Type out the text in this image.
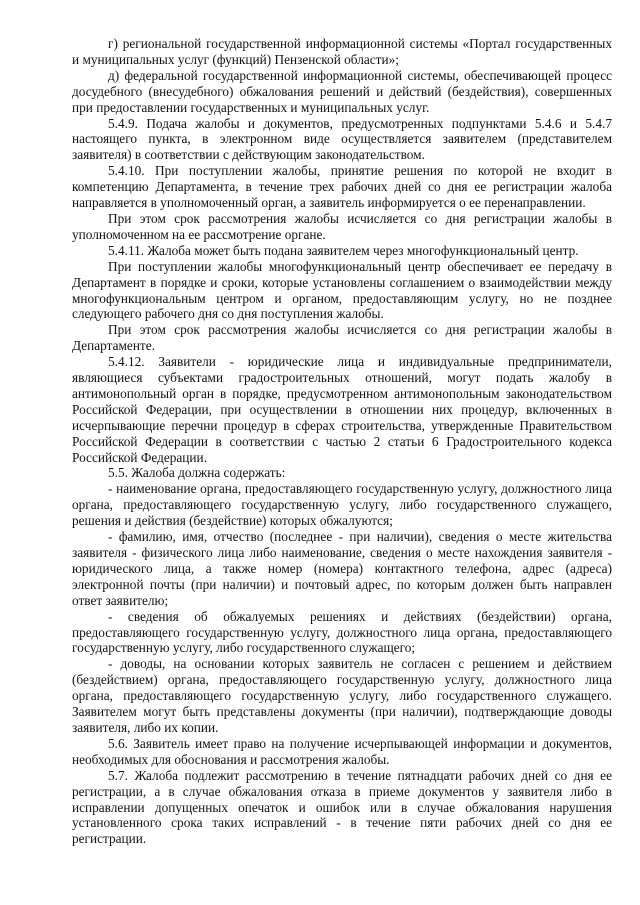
г) региональной государственной информационной системы «Портал государственных и муниципальных услуг (функций) Пензенской области»;

д) федеральной государственной информационной системы, обеспечивающей процесс досудебного (внесудебного) обжалования решений и действий (бездействия), совершенных при предоставлении государственных и муниципальных услуг.

5.4.9. Подача жалобы и документов, предусмотренных подпунктами 5.4.6 и 5.4.7 настоящего пункта, в электронном виде осуществляется заявителем (представителем заявителя) в соответствии с действующим законодательством.

5.4.10. При поступлении жалобы, принятие решения по которой не входит в компетенцию Департамента, в течение трех рабочих дней со дня ее регистрации жалоба направляется в уполномоченный орган, а заявитель информируется о ее перенаправлении.

При этом срок рассмотрения жалобы исчисляется со дня регистрации жалобы в уполномоченном на ее рассмотрение органе.

5.4.11. Жалоба может быть подана заявителем через многофункциональный центр.

При поступлении жалобы многофункциональный центр обеспечивает ее передачу в Департамент в порядке и сроки, которые установлены соглашением о взаимодействии между многофункциональным центром и органом, предоставляющим услугу, но не позднее следующего рабочего дня со дня поступления жалобы.

При этом срок рассмотрения жалобы исчисляется со дня регистрации жалобы в Департаменте.

5.4.12. Заявители - юридические лица и индивидуальные предприниматели, являющиеся субъектами градостроительных отношений, могут подать жалобу в антимонопольный орган в порядке, предусмотренном антимонопольным законодательством Российской Федерации, при осуществлении в отношении них процедур, включенных в исчерпывающие перечни процедур в сферах строительства, утвержденные Правительством Российской Федерации в соответствии с частью 2 статьи 6 Градостроительного кодекса Российской Федерации.

5.5. Жалоба должна содержать:

- наименование органа, предоставляющего государственную услугу, должностного лица органа, предоставляющего государственную услугу, либо государственного служащего, решения и действия (бездействие) которых обжалуются;

- фамилию, имя, отчество (последнее - при наличии), сведения о месте жительства заявителя - физического лица либо наименование, сведения о месте нахождения заявителя - юридического лица, а также номер (номера) контактного телефона, адрес (адреса) электронной почты (при наличии) и почтовый адрес, по которым должен быть направлен ответ заявителю;

- сведения об обжалуемых решениях и действиях (бездействии) органа, предоставляющего государственную услугу, должностного лица органа, предоставляющего государственную услугу, либо государственного служащего;

- доводы, на основании которых заявитель не согласен с решением и действием (бездействием) органа, предоставляющего государственную услугу, должностного лица органа, предоставляющего государственную услугу, либо государственного служащего. Заявителем могут быть представлены документы (при наличии), подтверждающие доводы заявителя, либо их копии.

5.6. Заявитель имеет право на получение исчерпывающей информации и документов, необходимых для обоснования и рассмотрения жалобы.

5.7. Жалоба подлежит рассмотрению в течение пятнадцати рабочих дней со дня ее регистрации, а в случае обжалования отказа в приеме документов у заявителя либо в исправлении допущенных опечаток и ошибок или в случае обжалования нарушения установленного срока таких исправлений - в течение пяти рабочих дней со дня ее регистрации.
